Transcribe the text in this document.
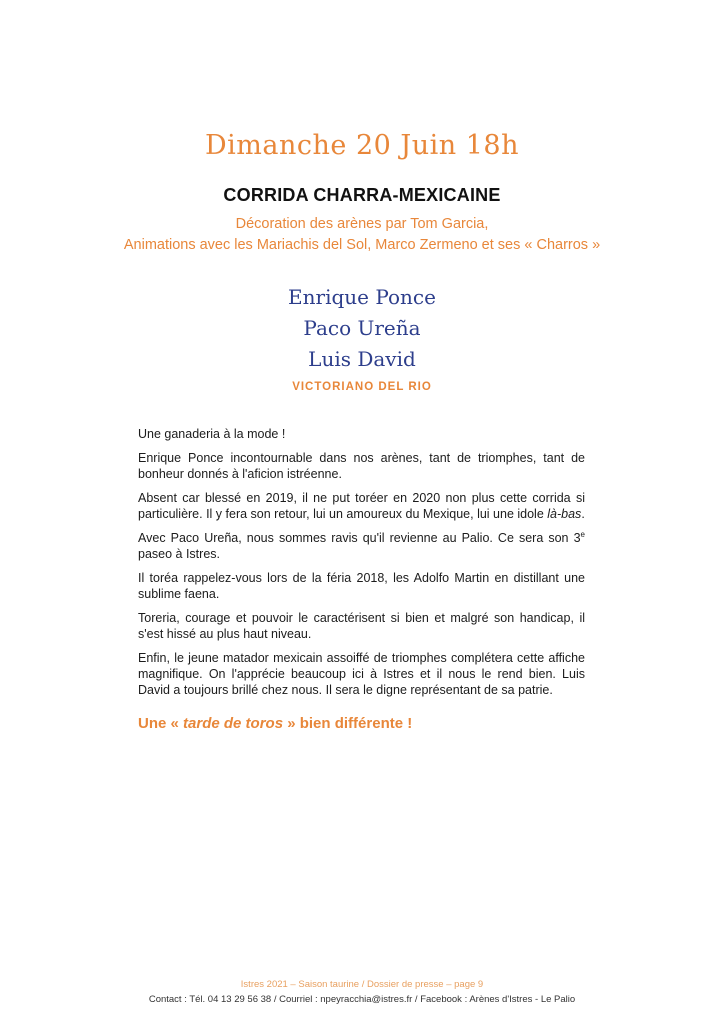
Dimanche 20 Juin 18h
CORRIDA CHARRA-MEXICAINE
Décoration des arènes par Tom Garcia,
Animations avec les Mariachis del Sol, Marco Zermeno et ses « Charros »
Enrique Ponce
Paco Ureña
Luis David
VICTORIANO DEL RIO

Une ganaderia à la mode !

Enrique Ponce incontournable dans nos arènes, tant de triomphes, tant de bonheur donnés à l'aficion istréenne.

Absent car blessé en 2019, il ne put toréer en 2020 non plus cette corrida si particulière. Il y fera son retour, lui un amoureux du Mexique, lui une idole là-bas.

Avec Paco Ureña, nous sommes ravis qu'il revienne au Palio. Ce sera son 3e paseo à Istres.

Il toréa rappelez-vous lors de la féria 2018, les Adolfo Martin en distillant une sublime faena.

Toreria, courage et pouvoir le caractérisent si bien et malgré son handicap, il s'est hissé au plus haut niveau.

Enfin, le jeune matador mexicain assoiffé de triomphes complétera cette affiche magnifique. On l'apprécie beaucoup ici à Istres et il nous le rend bien. Luis David a toujours brillé chez nous. Il sera le digne représentant de sa patrie.

Une « tarde de toros » bien différente !
Istres 2021 – Saison taurine / Dossier de presse – page 9
Contact : Tél. 04 13 29 56 38 / Courriel : npeyracchia@istres.fr / Facebook : Arènes d'Istres - Le Palio
